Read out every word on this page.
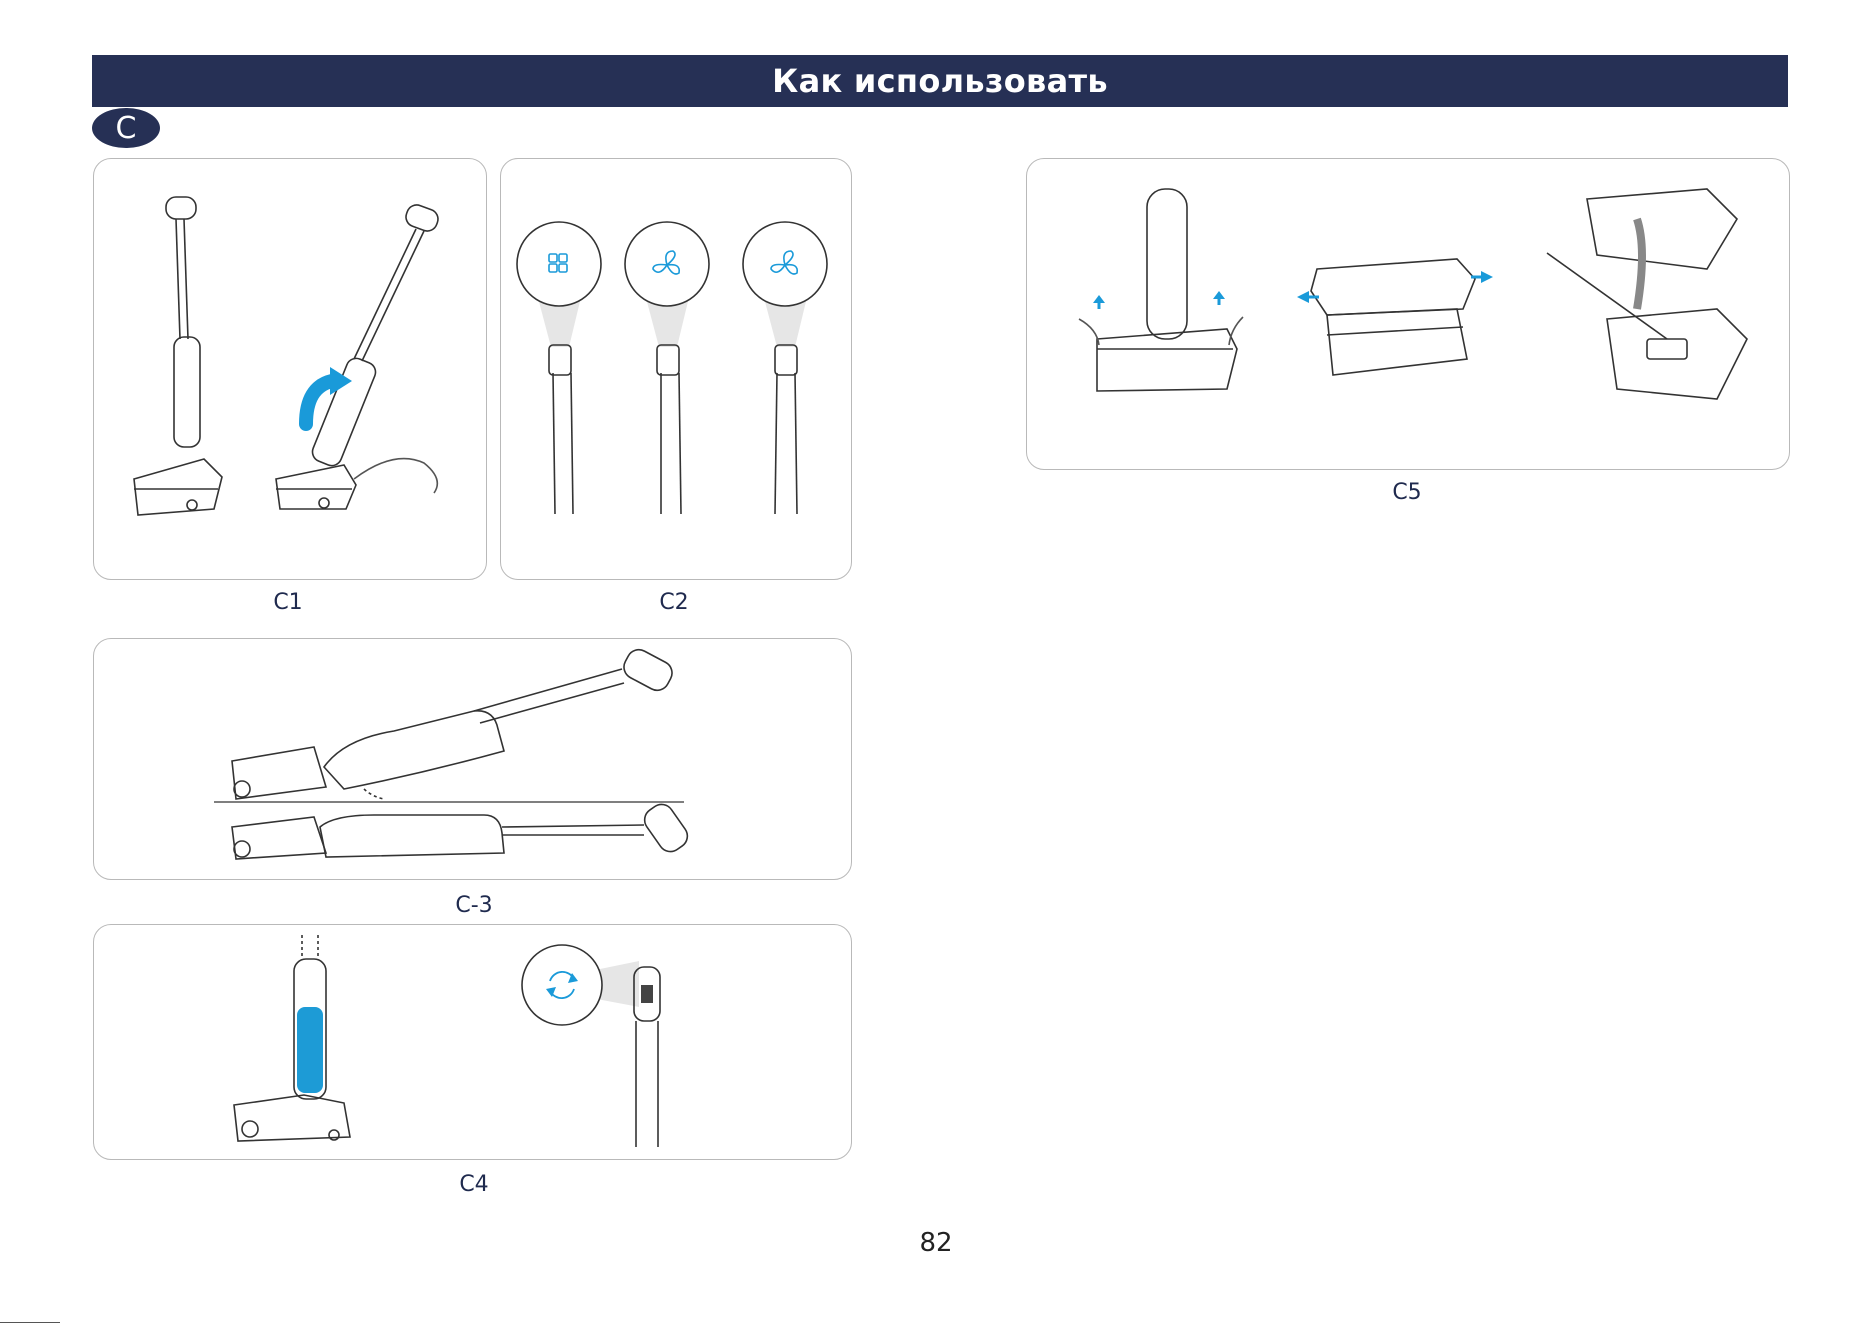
Как использовать
C
C1	C2
C-3
C4
C5
82
